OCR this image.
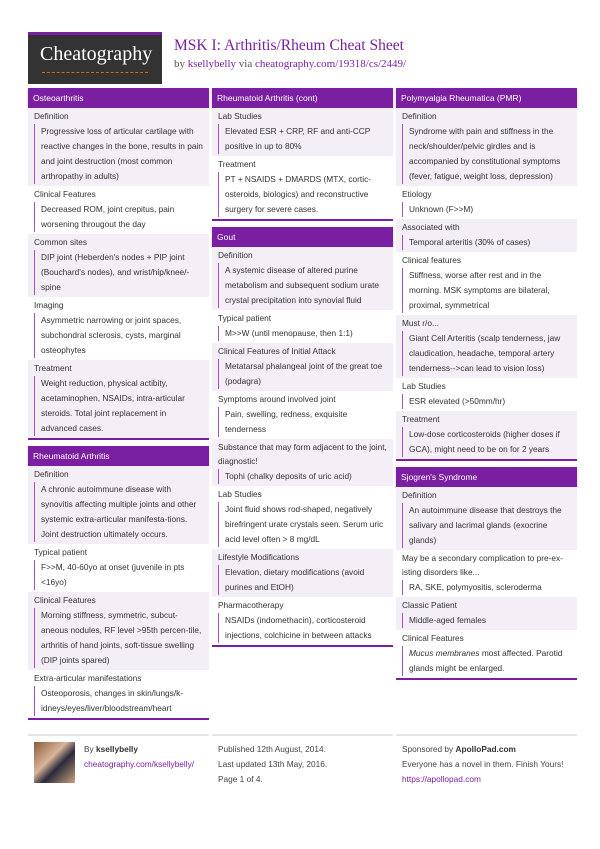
Cheatography MSK I: Arthritis/Rheum Cheat Sheet
by ksellybelly via cheatography.com/19318/cs/2449/
Osteoarthritis
Definition
Progressive loss of articular cartilage with reactive changes in the bone, results in pain and joint destruction (most common arthropathy in adults)
Clinical Features
Decreased ROM, joint crepitus, pain worsening througout the day
Common sites
DIP joint (Heberden's nodes + PIP joint (Bouchard's nodes), and wrist/hip/knee/-spine
Imaging
Asymmetric narrowing or joint spaces, subchondral sclerosis, cysts, marginal osteophytes
Treatment
Weight reduction, physical actibity, acetaminophen, NSAIDs, intra-articular steroids. Total joint replacement in advanced cases.
Rheumatoid Arthritis
Definition
A chronic autoimmune disease with synovitis affecting multiple joints and other systemic extra-articular manifesta-tions. Joint destruction ultimately occurs.
Typical patient
F>>M, 40-60yo at onset (juvenile in pts <16yo)
Clinical Features
Morning stiffness, symmetric, subcut-aneous nodules, RF level >95th percen-tile, arthritis of hand joints, soft-tissue swelling (DIP joints spared)
Extra-articular manifestations
Osteoporosis, changes in skin/lungs/k-idneys/eyes/liver/bloodstream/heart
Rheumatoid Arthritis (cont)
Lab Studies
Elevated ESR + CRP, RF and anti-CCP positive in up to 80%
Treatment
PT + NSAIDS + DMARDS (MTX, cortic-osteroids, biologics) and reconstructive surgery for severe cases.
Gout
Definition
A systemic disease of altered purine metabolism and subsequent sodium urate crystal precipitation into synovial fluid
Typical patient
M>>W (until menopause, then 1:1)
Clinical Features of Initial Attack
Metatarsal phalangeal joint of the great toe (podagra)
Symptoms around involved joint
Pain, swelling, redness, exquisite tenderness
Substance that may form adjacent to the joint, diagnostic!
Tophi (chalky deposits of uric acid)
Lab Studies
Joint fluid shows rod-shaped, negatively birefringent urate crystals seen. Serum uric acid level often > 8 mg/dL
Lifestyle Modifications
Elevation, dietary modifications (avoid purines and EtOH)
Pharmacotherapy
NSAIDs (indomethacin), corticosteroid injections, colchicine in between attacks
Polymyalgia Rheumatica (PMR)
Definition
Syndrome with pain and stiffness in the neck/shoulder/pelvic girdles and is accompanied by constitutional symptoms (fever, fatigue, weight loss, depression)
Etiology
Unknown (F>>M)
Associated with
Temporal arteritis (30% of cases)
Clinical features
Stiffness, worse after rest and in the morning. MSK symptoms are bilateral, proximal, symmetrical
Must r/o...
Giant Cell Arteritis (scalp tenderness, jaw claudication, headache, temporal artery tenderness-->can lead to vision loss)
Lab Studies
ESR elevated (>50mm/hr)
Treatment
Low-dose corticosteroids (higher doses if GCA), might need to be on for 2 years
Sjogren's Syndrome
Definition
An autoimmune disease that destroys the salivary and lacrimal glands (exocrine glands)
May be a secondary complication to pre-ex-isting disorders like...
RA, SKE, polymyositis, scleroderma
Classic Patient
Middle-aged females
Clinical Features
Mucus membranes most affected. Parotid glands might be enlarged.
By ksellybelly
cheatography.com/ksellybelly/
Published 12th August, 2014.
Last updated 13th May, 2016.
Page 1 of 4.
Sponsored by ApolloPad.com
Everyone has a novel in them. Finish Yours!
https://apollopad.com
